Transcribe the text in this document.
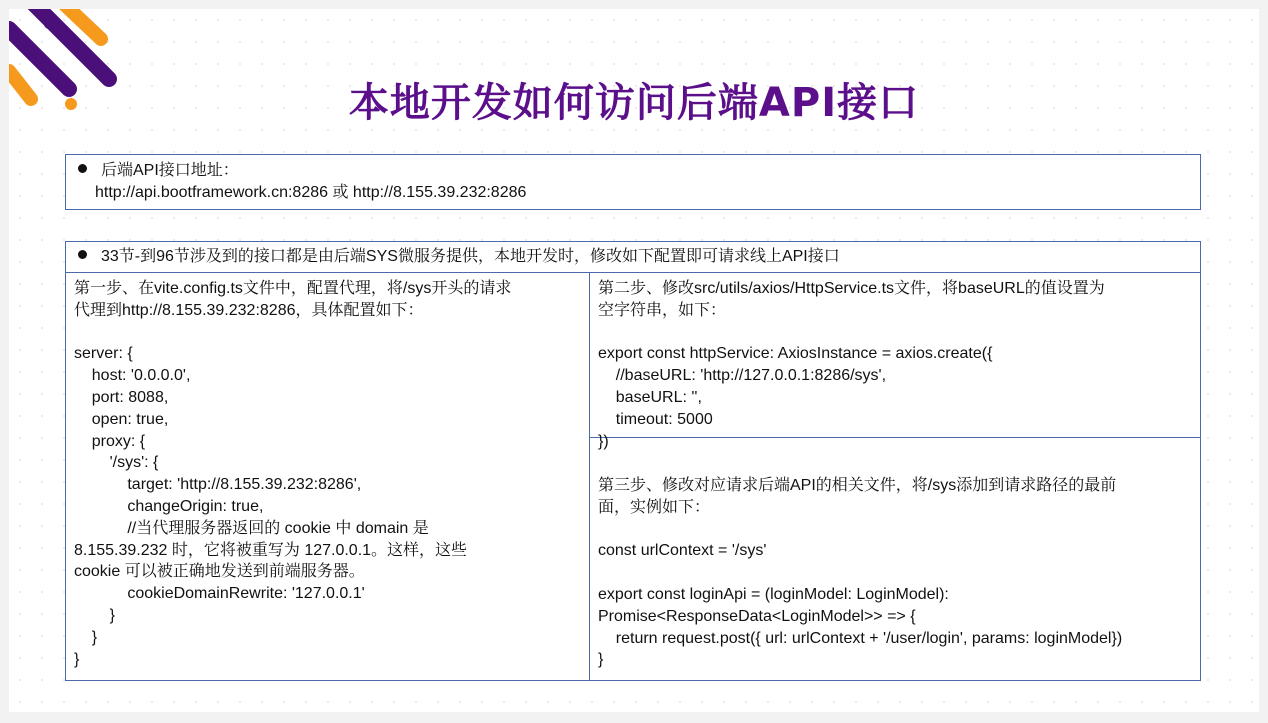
本地开发如何访问后端API接口
后端API接口地址：
http://api.bootframework.cn:8286 或 http://8.155.39.232:8286
33节-到96节涉及到的接口都是由后端SYS微服务提供，本地开发时，修改如下配置即可请求线上API接口
第一步、在vite.config.ts文件中，配置代理，将/sys开头的请求
代理到http://8.155.39.232:8286，具体配置如下：

server: {
host: '0.0.0.0',
port: 8088,
open: true,
proxy: {
'/sys': {
target: 'http://8.155.39.232:8286',
changeOrigin: true,
//当代理服务器返回的 cookie 中 domain 是
8.155.39.232 时，它将被重写为 127.0.0.1。这样，这些
cookie 可以被正确地发送到前端服务器。
cookieDomainRewrite: '127.0.0.1'
}
}
}
第二步、修改src/utils/axios/HttpService.ts文件，将baseURL的值设置为
空字符串，如下：

export const httpService: AxiosInstance = axios.create({
//baseURL: 'http://127.0.0.1:8286/sys',
baseURL: '',
timeout: 5000
})
第三步、修改对应请求后端API的相关文件，将/sys添加到请求路径的最前
面，实例如下：

const urlContext = '/sys'

export const loginApi = (loginModel: LoginModel):
Promise<ResponseData<LoginModel>> => {
return request.post({ url: urlContext + '/user/login', params: loginModel})
}
